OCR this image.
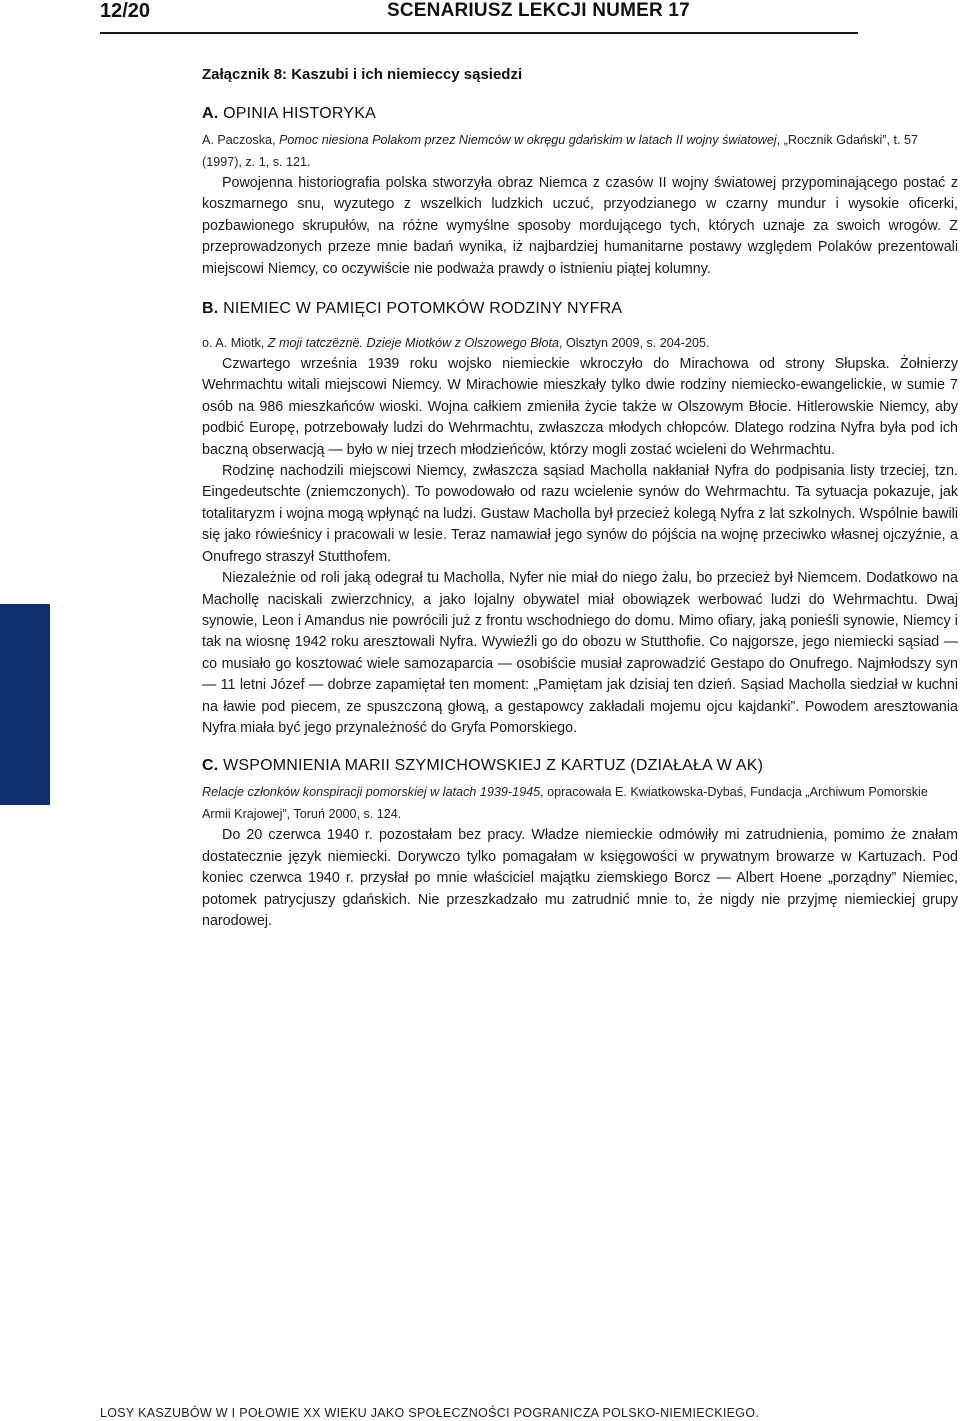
12/20	SCENARIUSZ LEKCJI NUMER 17

Załącznik 8: Kaszubi i ich niemieccy sąsiedzi

A. OPINIA HISTORYKA

A. Paczoska, Pomoc niesiona Polakom przez Niemców w okręgu gdańskim w latach II wojny światowej, „Rocznik Gdański”, t. 57 (1997), z. 1, s. 121.

Powojenna historiografia polska stworzyła obraz Niemca z czasów II wojny światowej przypominającego postać z koszmarnego snu, wyzutego z wszelkich ludzkich uczuć, przyodzianego w czarny mundur i wysokie oficerki, pozbawionego skrupułów, na różne wymyślne sposoby mordującego tych, których uznaje za swoich wrogów. Z przeprowadzonych przeze mnie badań wynika, iż najbardziej humanitarne postawy względem Polaków prezentowali miejscowi Niemcy, co oczywiście nie podważa prawdy o istnieniu piątej kolumny.

B. NIEMIEC W PAMIĘCI POTOMKÓW RODZINY NYFRA

o. A. Miotk, Z moji tatczëznë. Dzieje Miotków z Olszowego Błota, Olsztyn 2009, s. 204-205.

Czwartego września 1939 roku wojsko niemieckie wkroczyło do Mirachowa od strony Słupska. Żołnierzy Wehrmachtu witali miejscowi Niemcy. W Mirachowie mieszkały tylko dwie rodziny niemiecko-ewangelickie, w sumie 7 osób na 986 mieszkańców wioski. Wojna całkiem zmieniła życie także w Olszowym Błocie. Hitlerowskie Niemcy, aby podbić Europę, potrzebowały ludzi do Wehrmachtu, zwłaszcza młodych chłopców. Dlatego rodzina Nyfra była pod ich baczną obserwacją — było w niej trzech młodzieńców, którzy mogli zostać wcieleni do Wehrmachtu.

Rodzinę nachodzili miejscowi Niemcy, zwłaszcza sąsiad Macholla nakłaniał Nyfra do podpisania listy trzeciej, tzn. Eingedeutschte (zniemczonych). To powodowało od razu wcielenie synów do Wehrmachtu. Ta sytuacja pokazuje, jak totalitaryzm i wojna mogą wpłynąć na ludzi. Gustaw Macholla był przecież kolegą Nyfra z lat szkolnych. Wspólnie bawili się jako rówieśnicy i pracowali w lesie. Teraz namawiał jego synów do pójścia na wojnę przeciwko własnej ojczyźnie, a Onufrego straszył Stutthofem.

Niezależnie od roli jaką odegrał tu Macholla, Nyfer nie miał do niego żalu, bo przecież był Niemcem. Dodatkowo na Machollę naciskali zwierzchnicy, a jako lojalny obywatel miał obowiązek werbować ludzi do Wehrmachtu. Dwaj synowie, Leon i Amandus nie powrócili już z frontu wschodniego do domu. Mimo ofiary, jaką ponieśli synowie, Niemcy i tak na wiosnę 1942 roku aresztowali Nyfra. Wywieźli go do obozu w Stutthofie. Co najgorsze, jego niemiecki sąsiad — co musiało go kosztować wiele samozaparcia — osobiście musiał zaprowadzić Gestapo do Onufrego. Najmłodszy syn — 11 letni Józef — dobrze zapamiętał ten moment: „Pamiętam jak dzisiaj ten dzień. Sąsiad Macholla siedział w kuchni na ławie pod piecem, ze spuszczoną głową, a gestapowcy zakładali mojemu ojcu kajdanki”. Powodem aresztowania Nyfra miała być jego przynależność do Gryfa Pomorskiego.

C. WSPOMNIENIA MARII SZYMICHOWSKIEJ Z KARTUZ (DZIAŁAŁA W AK)

Relacje członków konspiracji pomorskiej w latach 1939-1945, opracowała E. Kwiatkowska-Dybaś, Fundacja „Archiwum Pomorskie Armii Krajowej”, Toruń 2000, s. 124.

Do 20 czerwca 1940 r. pozostałam bez pracy. Władze niemieckie odmówiły mi zatrudnienia, pomimo że znałam dostatecznie język niemiecki. Dorywczo tylko pomagałam w księgowości w prywatnym browarze w Kartuzach. Pod koniec czerwca 1940 r. przysłał po mnie właściciel majątku ziemskiego Borcz — Albert Hoene „porządny” Niemiec, potomek patrycjuszy gdańskich. Nie przeszkadzało mu zatrudnić mnie to, że nigdy nie przyjmę niemieckiej grupy narodowej.

LOSY KASZUBÓW W I POŁOWIE XX WIEKU JAKO SPOŁECZNOŚCI POGRANICZA POLSKO-NIEMIECKIEGO.
